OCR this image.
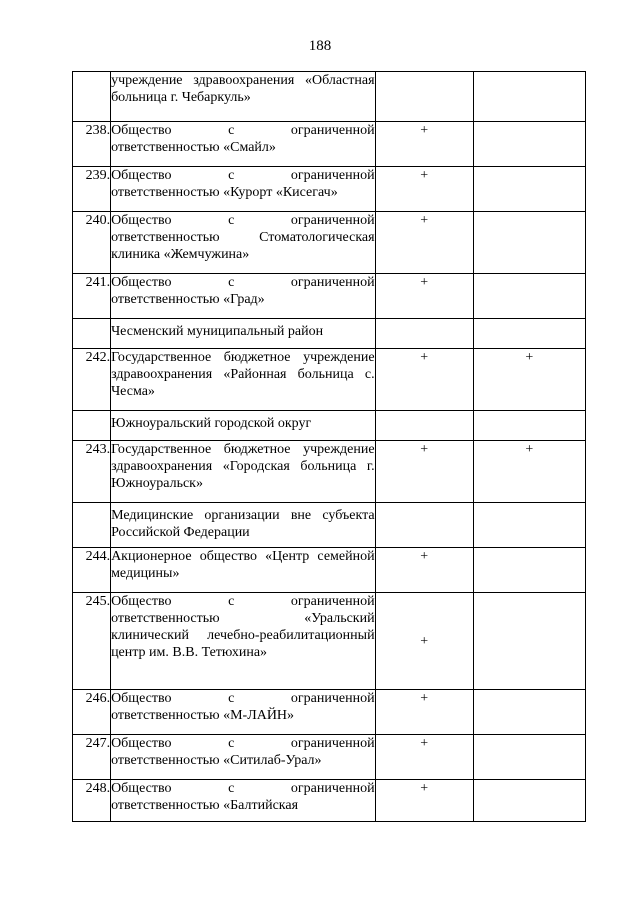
188

	учреждение здравоохранения «Областная больница г. Чебаркуль»		

238.	Общество с ограниченной ответственностью «Смайл»	+	
239.	Общество с ограниченной ответственностью «Курорт «Кисегач»	+	
240.	Общество с ограниченной ответственностью Стоматологическая клиника «Жемчужина»	+	
241.	Общество с ограниченной ответственностью «Град»	+	

	Чесменский муниципальный район		

242.	Государственное бюджетное учреждение здравоохранения «Районная больница с. Чесма»	+	+

	Южноуральский городской округ		

243.	Государственное бюджетное учреждение здравоохранения «Городская больница г. Южноуральск»	+	+

	Медицинские организации вне субъекта Российской Федерации		

244.	Акционерное общество «Центр семейной медицины»	+	
245.	Общество с ограниченной ответственностью «Уральский клинический лечебно-реабилитационный центр им. В.В. Тетюхина»	+	
246.	Общество с ограниченной ответственностью «М-ЛАЙН»	+	
247.	Общество с ограниченной ответственностью «Ситилаб-Урал»	+	
248.	Общество с ограниченной ответственностью «Балтийская	+	
